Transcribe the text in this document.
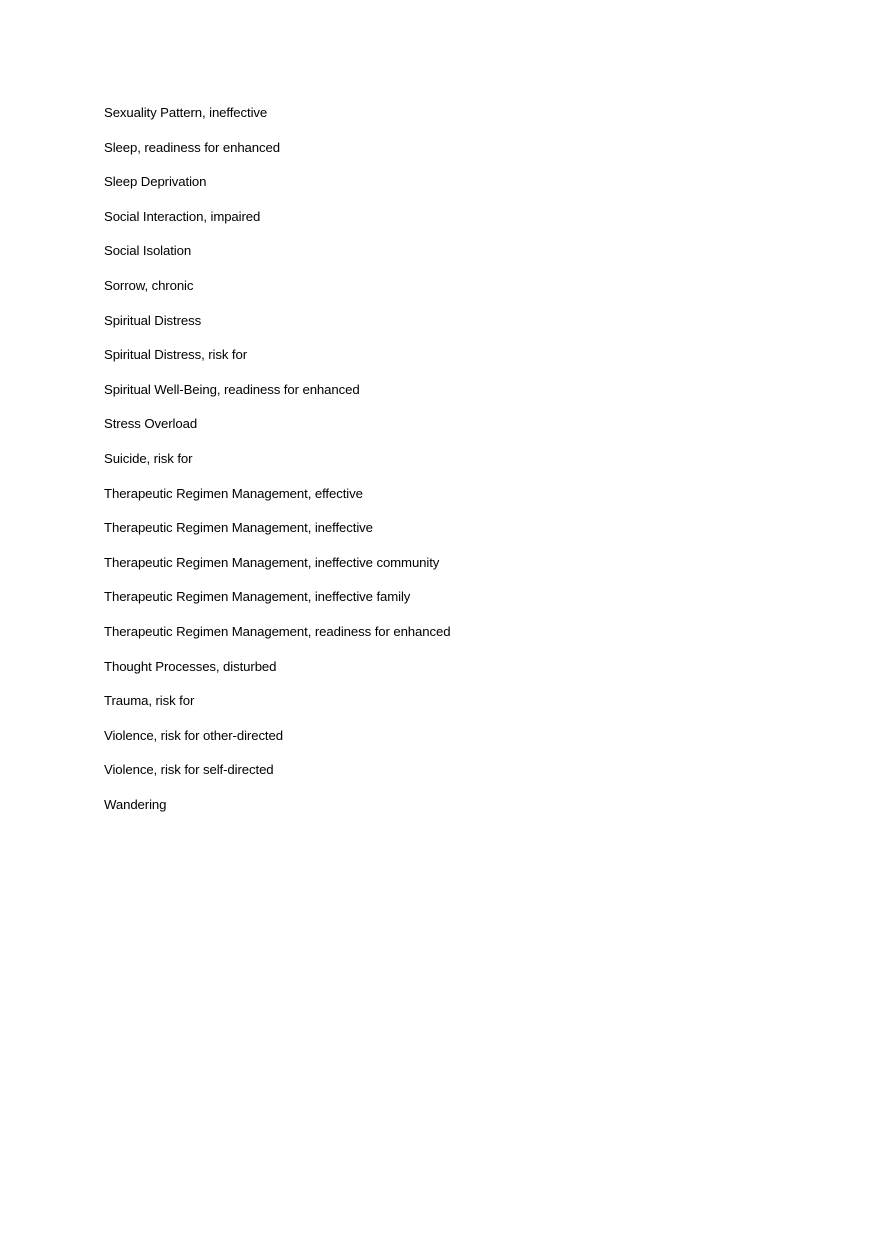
Sexuality Pattern, ineffective
Sleep, readiness for enhanced
Sleep Deprivation
Social Interaction, impaired
Social Isolation
Sorrow, chronic
Spiritual Distress
Spiritual Distress, risk for
Spiritual Well-Being, readiness for enhanced
Stress Overload
Suicide, risk for
Therapeutic Regimen Management, effective
Therapeutic Regimen Management, ineffective
Therapeutic Regimen Management, ineffective community
Therapeutic Regimen Management, ineffective family
Therapeutic Regimen Management, readiness for enhanced
Thought Processes, disturbed
Trauma, risk for
Violence, risk for other-directed
Violence, risk for self-directed
Wandering
